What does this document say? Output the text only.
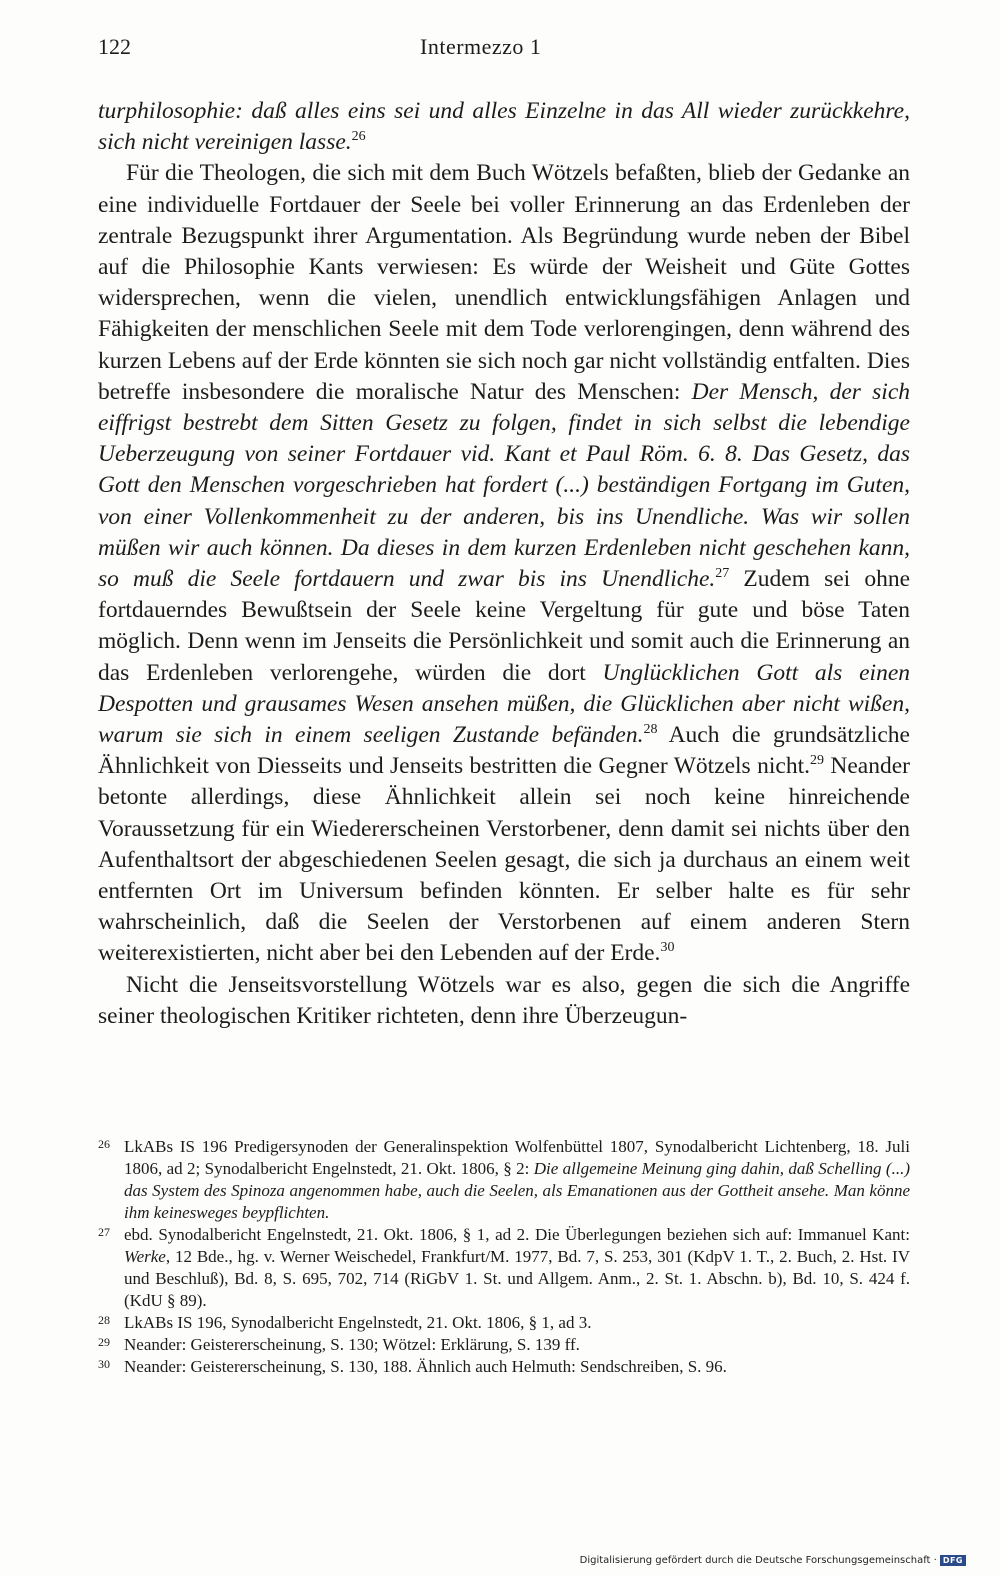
122	Intermezzo 1

turphilosophie: daß alles eins sei und alles Einzelne in das All wieder zurückkehre, sich nicht vereinigen lasse.$^{26}$

Für die Theologen, die sich mit dem Buch Wötzels befaßten, blieb der Gedanke an eine individuelle Fortdauer der Seele bei voller Erinnerung an das Erdenleben der zentrale Bezugspunkt ihrer Argumentation. Als Begründung wurde neben der Bibel auf die Philosophie Kants verwiesen: Es würde der Weisheit und Güte Gottes widersprechen, wenn die vielen, unendlich entwicklungsfähigen Anlagen und Fähigkeiten der menschlichen Seele mit dem Tode verlorengingen, denn während des kurzen Lebens auf der Erde könnten sie sich noch gar nicht vollständig entfalten. Dies betreffe insbesondere die moralische Natur des Menschen: Der Mensch, der sich eiffrigst bestrebt dem Sitten Gesetz zu folgen, findet in sich selbst die lebendige Ueberzeugung von seiner Fortdauer vid. Kant et Paul Röm. 6. 8. Das Gesetz, das Gott den Menschen vorgeschrieben hat fordert (...) beständigen Fortgang im Guten, von einer Vollenkommenheit zu der anderen, bis ins Unendliche. Was wir sollen müßen wir auch können. Da dieses in dem kurzen Erdenleben nicht geschehen kann, so muß die Seele fortdauern und zwar bis ins Unendliche.$^{27}$ Zudem sei ohne fortdauerndes Bewußtsein der Seele keine Vergeltung für gute und böse Taten möglich. Denn wenn im Jenseits die Persönlichkeit und somit auch die Erinnerung an das Erdenleben verlorengehe, würden die dort Unglücklichen Gott als einen Despotten und grausames Wesen ansehen müßen, die Glücklichen aber nicht wißen, warum sie sich in einem seeligen Zustande befänden.$^{28}$ Auch die grundsätzliche Ähnlichkeit von Diesseits und Jenseits bestritten die Gegner Wötzels nicht.$^{29}$ Neander betonte allerdings, diese Ähnlichkeit allein sei noch keine hinreichende Voraussetzung für ein Wiedererscheinen Verstorbener, denn damit sei nichts über den Aufenthaltsort der abgeschiedenen Seelen gesagt, die sich ja durchaus an einem weit entfernten Ort im Universum befinden könnten. Er selber halte es für sehr wahrscheinlich, daß die Seelen der Verstorbenen auf einem anderen Stern weiterexistierten, nicht aber bei den Lebenden auf der Erde.$^{30}$

Nicht die Jenseitsvorstellung Wötzels war es also, gegen die sich die Angriffe seiner theologischen Kritiker richteten, denn ihre Überzeugun-

26 LkABs IS 196 Predigersynoden der Generalinspektion Wolfenbüttel 1807, Synodalbericht Lichtenberg, 18. Juli 1806, ad 2; Synodalbericht Engelnstedt, 21. Okt. 1806, § 2: Die allgemeine Meinung ging dahin, daß Schelling (...) das System des Spinoza angenommen habe, auch die Seelen, als Emanationen aus der Gottheit ansehe. Man könne ihm keinesweges beypflichten.

27 ebd. Synodalbericht Engelnstedt, 21. Okt. 1806, § 1, ad 2. Die Überlegungen beziehen sich auf: Immanuel Kant: Werke, 12 Bde., hg. v. Werner Weischedel, Frankfurt/M. 1977, Bd. 7, S. 253, 301 (KdpV 1. T., 2. Buch, 2. Hst. IV und Beschluß), Bd. 8, S. 695, 702, 714 (RiGbV 1. St. und Allgem. Anm., 2. St. 1. Abschn. b), Bd. 10, S. 424 f. (KdU § 89).

28 LkABs IS 196, Synodalbericht Engelnstedt, 21. Okt. 1806, § 1, ad 3.

29 Neander: Geistererscheinung, S. 130; Wötzel: Erklärung, S. 139 ff.

30 Neander: Geistererscheinung, S. 130, 188. Ähnlich auch Helmuth: Sendschreiben, S. 96.

Digitalisierung gefördert durch die Deutsche Forschungsgemeinschaft · DFG
